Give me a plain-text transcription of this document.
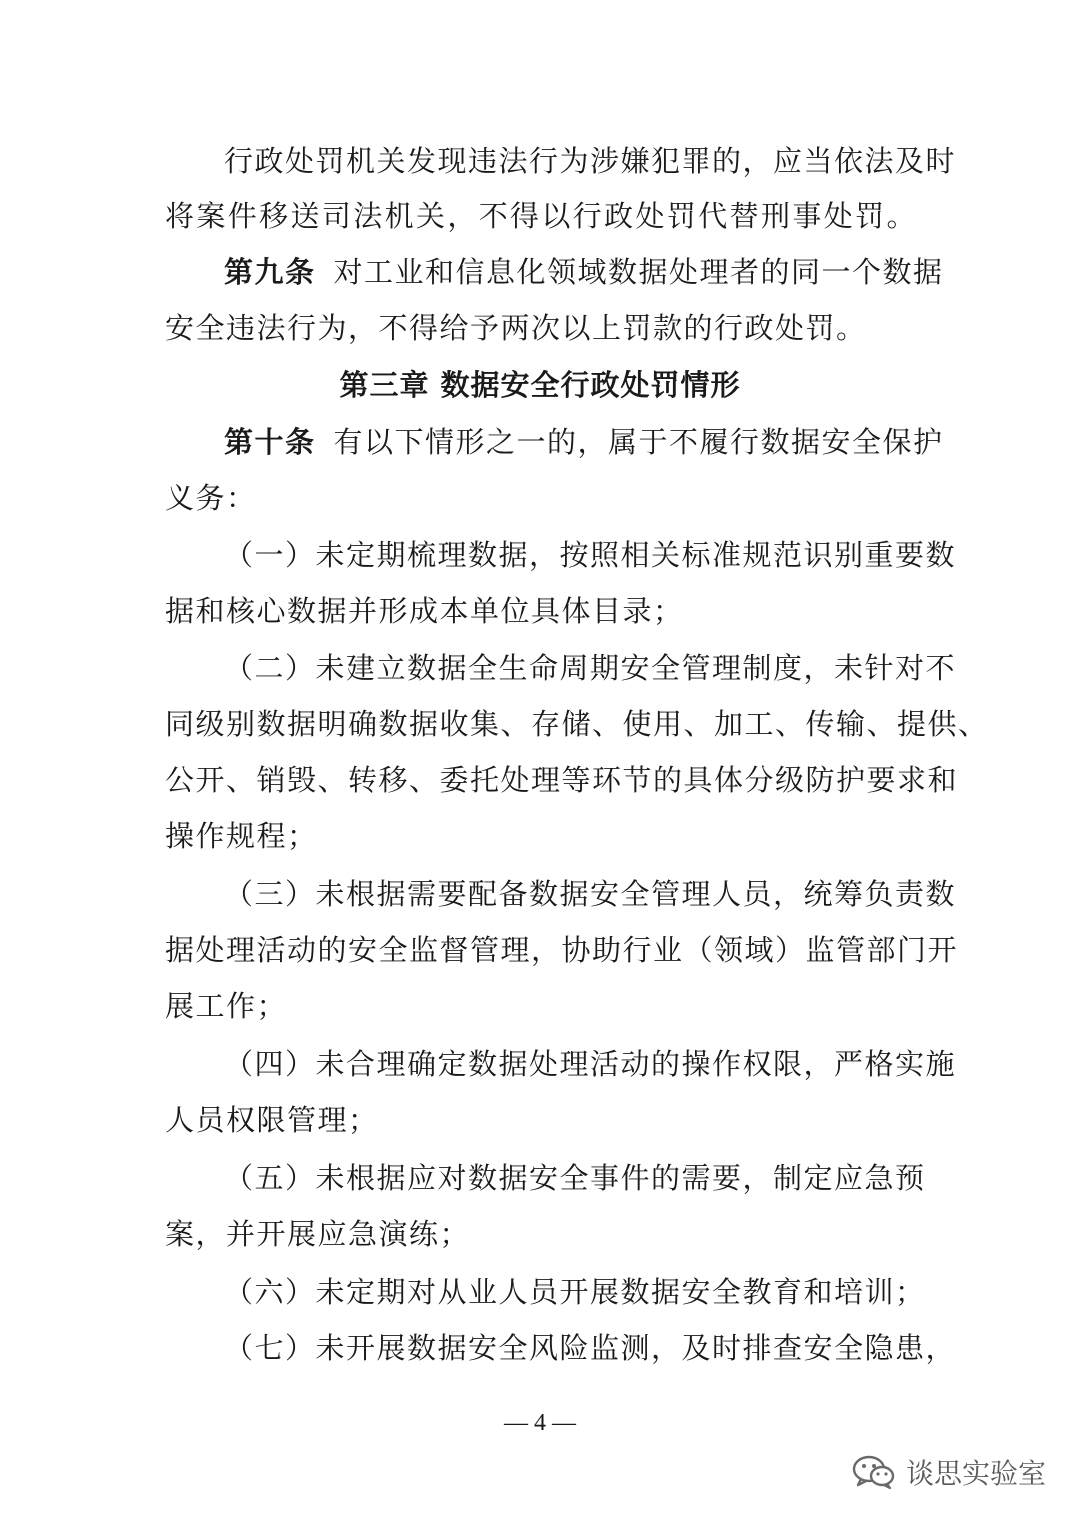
行政处罚机关发现违法行为涉嫌犯罪的，应当依法及时
将案件移送司法机关，不得以行政处罚代替刑事处罚。
第九条 对工业和信息化领域数据处理者的同一个数据
安全违法行为，不得给予两次以上罚款的行政处罚。
第三章 数据安全行政处罚情形
第十条 有以下情形之一的，属于不履行数据安全保护
义务：
（一）未定期梳理数据，按照相关标准规范识别重要数
据和核心数据并形成本单位具体目录；
（二）未建立数据全生命周期安全管理制度，未针对不
同级别数据明确数据收集、存储、使用、加工、传输、提供、
公开、销毁、转移、委托处理等环节的具体分级防护要求和
操作规程；
（三）未根据需要配备数据安全管理人员，统筹负责数
据处理活动的安全监督管理，协助行业（领域）监管部门开
展工作；
（四）未合理确定数据处理活动的操作权限，严格实施
人员权限管理；
（五）未根据应对数据安全事件的需要，制定应急预
案，并开展应急演练；
（六）未定期对从业人员开展数据安全教育和培训；
（七）未开展数据安全风险监测，及时排查安全隐患，
— 4 —
谈思实验室
